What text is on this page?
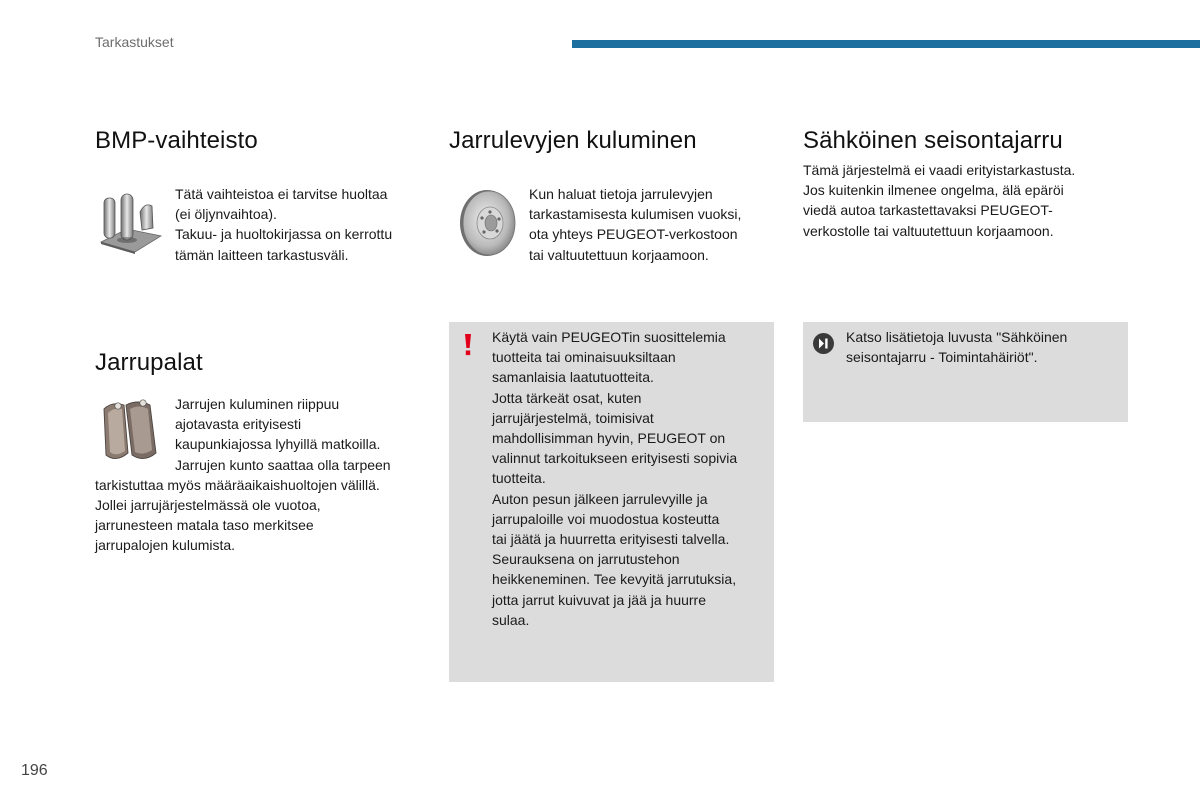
Tarkastukset
BMP-vaihteisto
Tätä vaihteistoa ei tarvitse huoltaa
(ei öljynvaihtoa).
Takuu- ja huoltokirjassa on kerrottu
tämän laitteen tarkastusväli.
Jarrulevyjen kuluminen
Kun haluat tietoja jarrulevyjen
tarkastamisesta kulumisen vuoksi,
ota yhteys PEUGEOT-verkostoon
tai valtuutettuun korjaamoon.
Sähköinen seisontajarru
Tämä järjestelmä ei vaadi erityistarkastusta.
Jos kuitenkin ilmenee ongelma, älä epäröi
viedä autoa tarkastettavaksi PEUGEOT-
verkostolle tai valtuutettuun korjaamoon.
Jarrupalat
Jarrujen kuluminen riippuu
ajotavasta erityisesti
kaupunkiajossa lyhyillä matkoilla.
Jarrujen kunto saattaa olla tarpeen
tarkistuttaa myös määräaikaishuoltojen välillä.
Jollei jarrujärjestelmässä ole vuotoa,
jarrunesteen matala taso merkitsee
jarrupalojen kulumista.
Käytä vain PEUGEOTin suosittelemia
tuotteita tai ominaisuuksiltaan
samanlaisia laatutuotteita.
Jotta tärkeät osat, kuten
jarrujärjestelmä, toimisivat
mahdollisimman hyvin, PEUGEOT on
valinnut tarkoitukseen erityisesti sopivia
tuotteita.
Auton pesun jälkeen jarrulevyille ja
jarrupaloille voi muodostua kosteutta
tai jäätä ja huurretta erityisesti talvella.
Seurauksena on jarrutustehon
heikkeneminen. Tee kevyitä jarrutuksia,
jotta jarrut kuivuvat ja jää ja huurre
sulaa.
Katso lisätietoja luvusta "Sähköinen
seisontajarru - Toimintahäiriöt".
196
